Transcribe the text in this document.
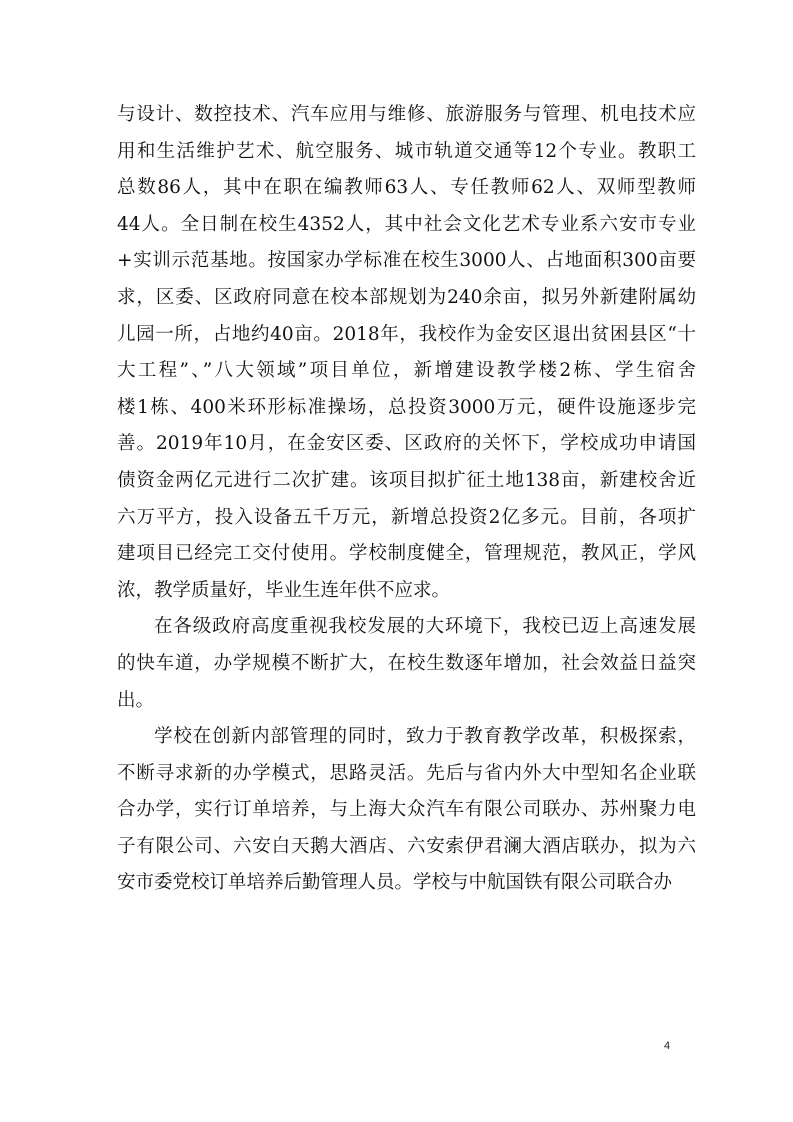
与设计、数控技术、汽车应用与维修、旅游服务与管理、机电技术应
用和生活维护艺术、航空服务、城市轨道交通等12个专业。教职工
总数86人，其中在职在编教师63人、专任教师62人、双师型教师
44人。全日制在校生4352人，其中社会文化艺术专业系六安市专业
+实训示范基地。按国家办学标准在校生3000人、占地面积300亩要
求，区委、区政府同意在校本部规划为240余亩，拟另外新建附属幼
儿园一所，占地约40亩。2018年，我校作为金安区退出贫困县区“十
大工程”、”八大领域”项目单位，新增建设教学楼2栋、学生宿舍
楼1栋、400米环形标准操场，总投资3000万元，硬件设施逐步完
善。2019年10月，在金安区委、区政府的关怀下，学校成功申请国
债资金两亿元进行二次扩建。该项目拟扩征土地138亩，新建校舍近
六万平方，投入设备五千万元，新增总投资2亿多元。目前，各项扩
建项目已经完工交付使用。学校制度健全，管理规范，教风正，学风
浓，教学质量好，毕业生连年供不应求。
在各级政府高度重视我校发展的大环境下，我校已迈上高速发展
的快车道，办学规模不断扩大，在校生数逐年增加，社会效益日益突
出。
学校在创新内部管理的同时，致力于教育教学改革，积极探索，
不断寻求新的办学模式，思路灵活。先后与省内外大中型知名企业联
合办学，实行订单培养，与上海大众汽车有限公司联办、苏州聚力电
子有限公司、六安白天鹅大酒店、六安索伊君澜大酒店联办，拟为六
安市委党校订单培养后勤管理人员。学校与中航国铁有限公司联合办
4
